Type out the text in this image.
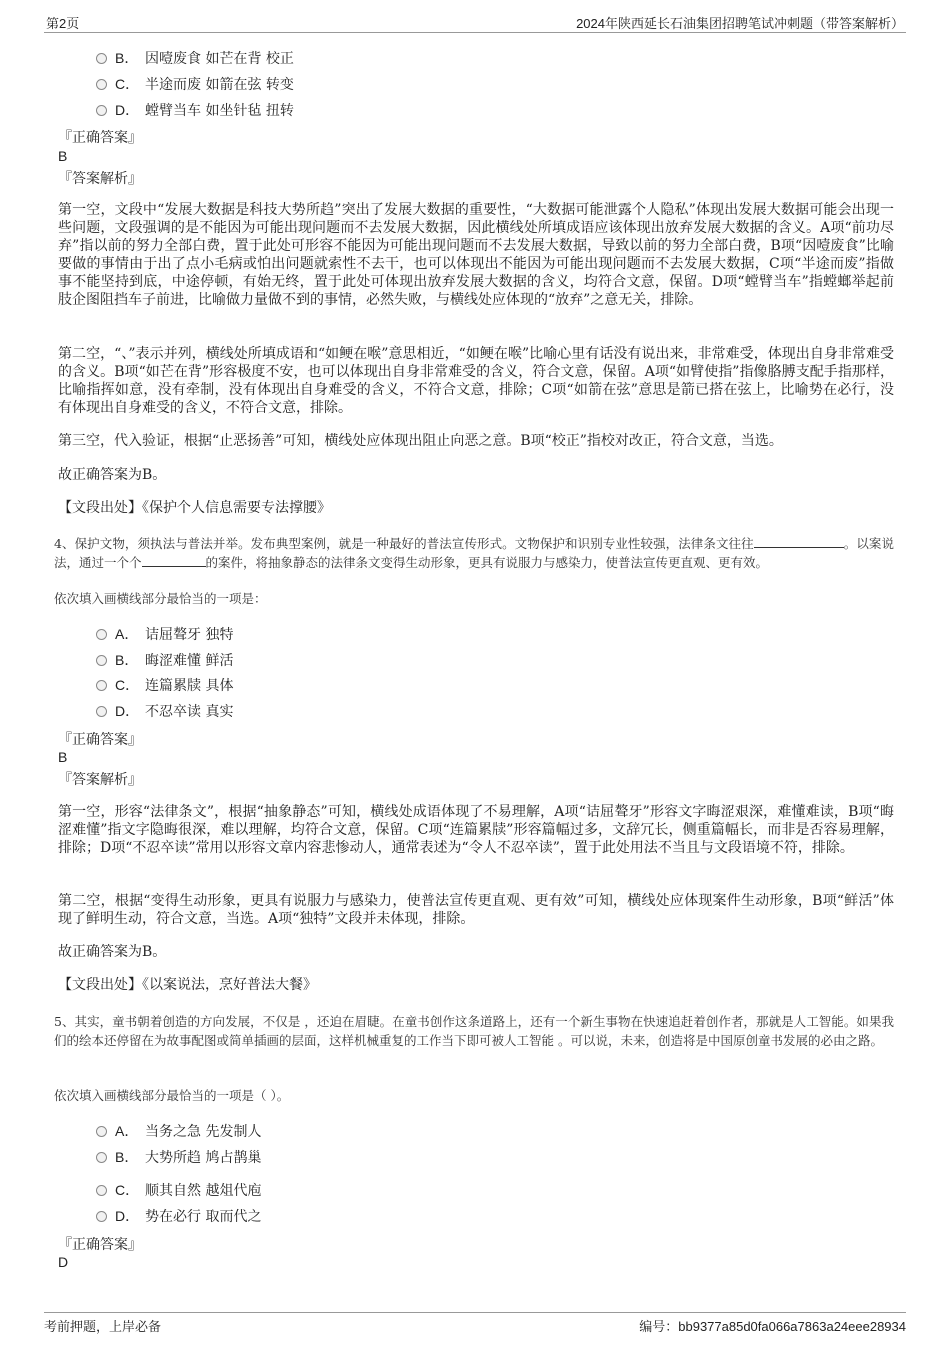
第2页	2024年陕西延长石油集团招聘笔试冲刺题（带答案解析）
B． 因噎废食 如芒在背 校正
C． 半途而废 如箭在弦 转变
D． 螳臂当车 如坐针毡 扭转
『正确答案』
B
『答案解析』
第一空，文段中“发展大数据是科技大势所趋”突出了发展大数据的重要性，“大数据可能泄露个人隐私”体现出发展大数据可能会出现一些问题，文段强调的是不能因为可能出现问题而不去发展大数据，因此横线处所填成语应该体现出放弃发展大数据的含义。A项“前功尽弃”指以前的努力全部白费，置于此处可形容不能因为可能出现问题而不去发展大数据，导致以前的努力全部白费，B项“因噎废食”比喻要做的事情由于出了点小毛病或怕出问题就索性不去干，也可以体现出不能因为可能出现问题而不去发展大数据，C项“半途而废”指做事不能坚持到底，中途停顿，有始无终，置于此处可体现出放弃发展大数据的含义，均符合文意，保留。D项“螳臂当车”指螳螂举起前肢企图阻挡车子前进，比喻做力量做不到的事情，必然失败，与横线处应体现的“放弃”之意无关，排除。
第二空，“、”表示并列，横线处所填成语和“如鲠在喉”意思相近，“如鲠在喉”比喻心里有话没有说出来，非常难受，体现出自身非常难受的含义。B项“如芒在背”形容极度不安，也可以体现出自身非常难受的含义，符合文意，保留。A项“如臂使指”指像胳膊支配手指那样，比喻指挥如意，没有牵制，没有体现出自身难受的含义，不符合文意，排除；C项“如箭在弦”意思是箭已搭在弦上，比喻势在必行，没有体现出自身难受的含义，不符合文意，排除。
第三空，代入验证，根据“止恶扬善”可知，横线处应体现出阻止向恶之意。B项“校正”指校对改正，符合文意，当选。
故正确答案为B。
【文段出处】《保护个人信息需要专法撑腰》
4、保护文物，须执法与普法并举。发布典型案例，就是一种最好的普法宣传形式。文物保护和识别专业性较强，法律条文往往	。以案说法，通过一个个	的案件，将抽象静态的法律条文变得生动形象，更具有说服力与感染力，使普法宣传更直观、更有效。
依次填入画横线部分最恰当的一项是：
A． 诘屈聱牙 独特
B． 晦涩难懂 鲜活
C． 连篇累牍 具体
D． 不忍卒读 真实
『正确答案』
B
『答案解析』
第一空，形容“法律条文”，根据“抽象静态”可知，横线处成语体现了不易理解，A项“诘屈聱牙”形容文字晦涩艰深，难懂难读，B项“晦涩难懂”指文字隐晦很深，难以理解，均符合文意，保留。C项“连篇累牍”形容篇幅过多，文辞冗长，侧重篇幅长，而非是否容易理解，排除；D项“不忍卒读”常用以形容文章内容悲惨动人，通常表述为“令人不忍卒读”，置于此处用法不当且与文段语境不符，排除。
第二空，根据“变得生动形象，更具有说服力与感染力，使普法宣传更直观、更有效”可知，横线处应体现案件生动形象，B项“鲜活”体现了鲜明生动，符合文意，当选。A项“独特”文段并未体现，排除。
故正确答案为B。
【文段出处】《以案说法，烹好普法大餐》
5、其实，童书朝着创造的方向发展，不仅是 ，还迫在眉睫。在童书创作这条道路上，还有一个新生事物在快速追赶着创作者，那就是人工智能。如果我们的绘本还停留在为故事配图或简单插画的层面，这样机械重复的工作当下即可被人工智能 。可以说，未来，创造将是中国原创童书发展的必由之路。
依次填入画横线部分最恰当的一项是（ ）。
A． 当务之急 先发制人
B． 大势所趋 鸠占鹊巢
C． 顺其自然 越俎代庖
D． 势在必行 取而代之
『正确答案』
D
考前押题，上岸必备	编号：bb9377a85d0fa066a7863a24eee28934
